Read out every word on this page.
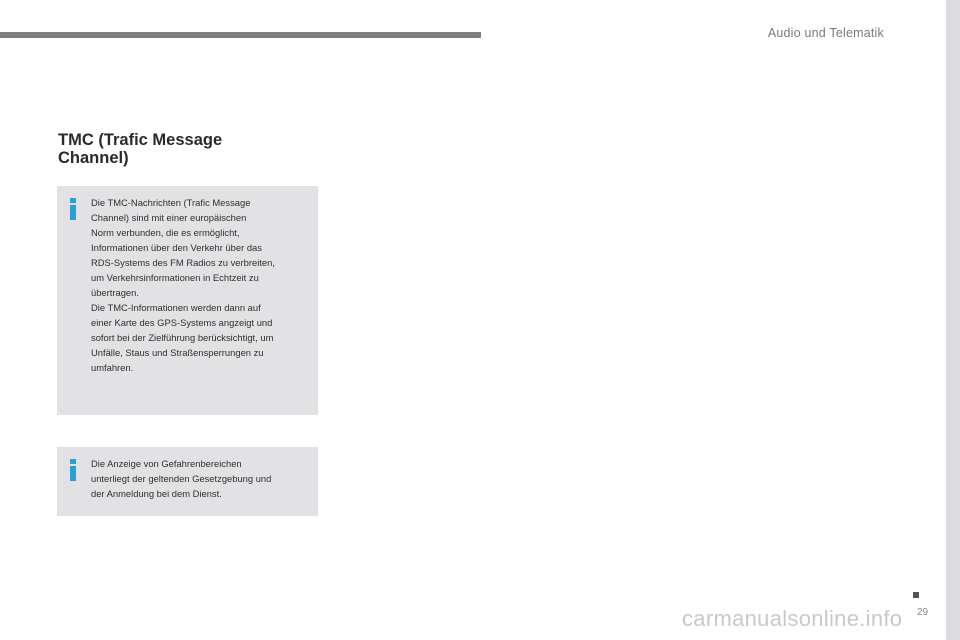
Audio und Telematik
TMC (Trafic Message
Channel)
Die TMC-Nachrichten (Trafic Message
Channel) sind mit einer europäischen
Norm verbunden, die es ermöglicht,
Informationen über den Verkehr über das
RDS-Systems des FM Radios zu verbreiten,
um Verkehrsinformationen in Echtzeit zu
übertragen.
Die TMC-Informationen werden dann auf
einer Karte des GPS-Systems angzeigt und
sofort bei der Zielführung berücksichtigt, um
Unfälle, Staus und Straßensperrungen zu
umfahren.
Die Anzeige von Gefahrenbereichen
unterliegt der geltenden Gesetzgebung und
der Anmeldung bei dem Dienst.
29
carmanualsonline.info
